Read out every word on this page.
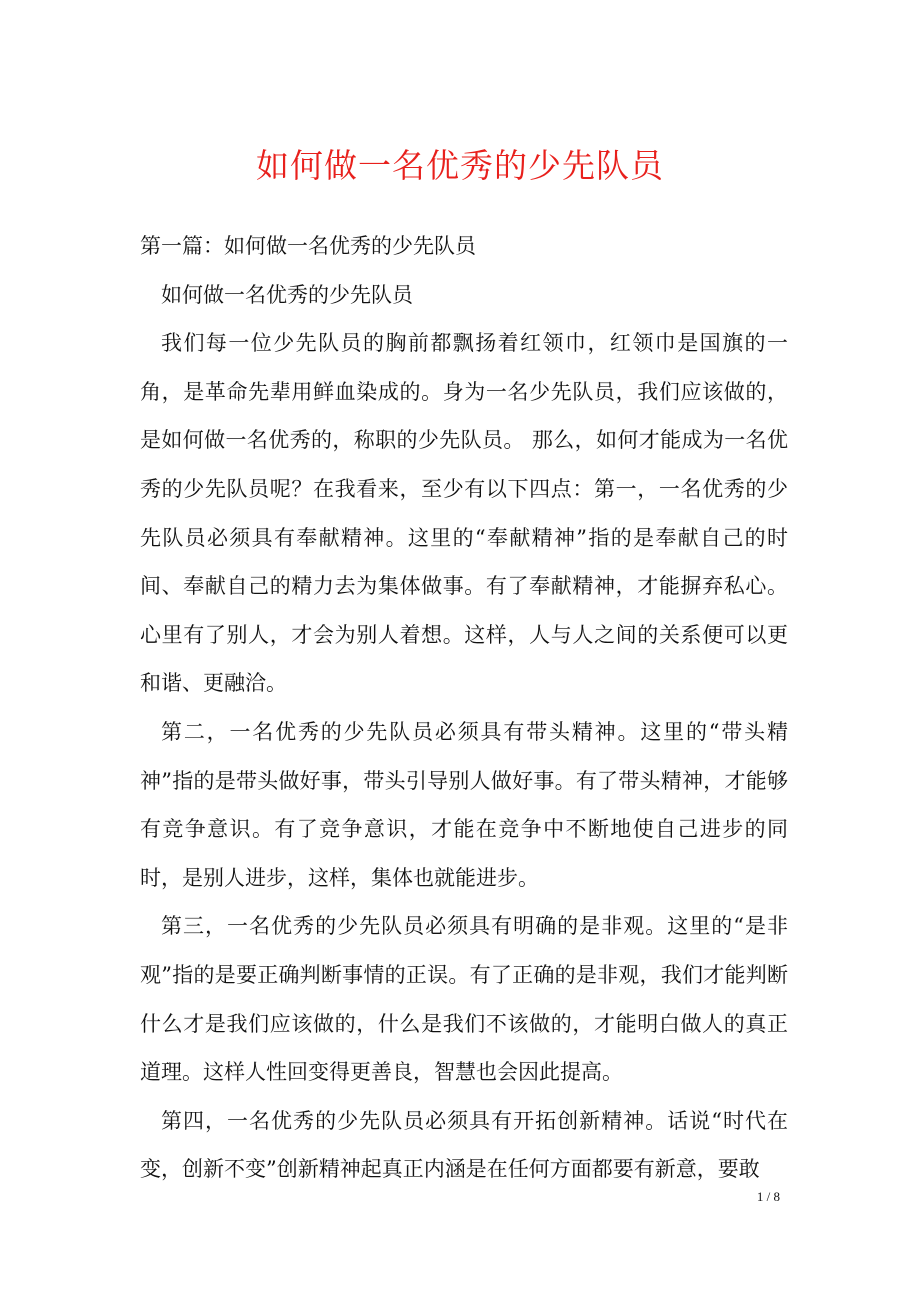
如何做一名优秀的少先队员

第一篇：如何做一名优秀的少先队员

如何做一名优秀的少先队员

我们每一位少先队员的胸前都飘扬着红领巾，红领巾是国旗的一角，是革命先辈用鲜血染成的。身为一名少先队员，我们应该做的，是如何做一名优秀的，称职的少先队员。 那么，如何才能成为一名优秀的少先队员呢？在我看来，至少有以下四点：第一，一名优秀的少先队员必须具有奉献精神。这里的“奉献精神”指的是奉献自己的时间、奉献自己的精力去为集体做事。有了奉献精神，才能摒弃私心。心里有了别人，才会为别人着想。这样，人与人之间的关系便可以更和谐、更融洽。

第二，一名优秀的少先队员必须具有带头精神。这里的“带头精神”指的是带头做好事，带头引导别人做好事。有了带头精神，才能够有竞争意识。有了竞争意识，才能在竞争中不断地使自己进步的同时，是别人进步，这样，集体也就能进步。

第三，一名优秀的少先队员必须具有明确的是非观。这里的“是非观”指的是要正确判断事情的正误。有了正确的是非观，我们才能判断什么才是我们应该做的，什么是我们不该做的，才能明白做人的真正道理。这样人性回变得更善良，智慧也会因此提高。

第四，一名优秀的少先队员必须具有开拓创新精神。话说“时代在变，创新不变”创新精神起真正内涵是在任何方面都要有新意，要敢

1 / 8
